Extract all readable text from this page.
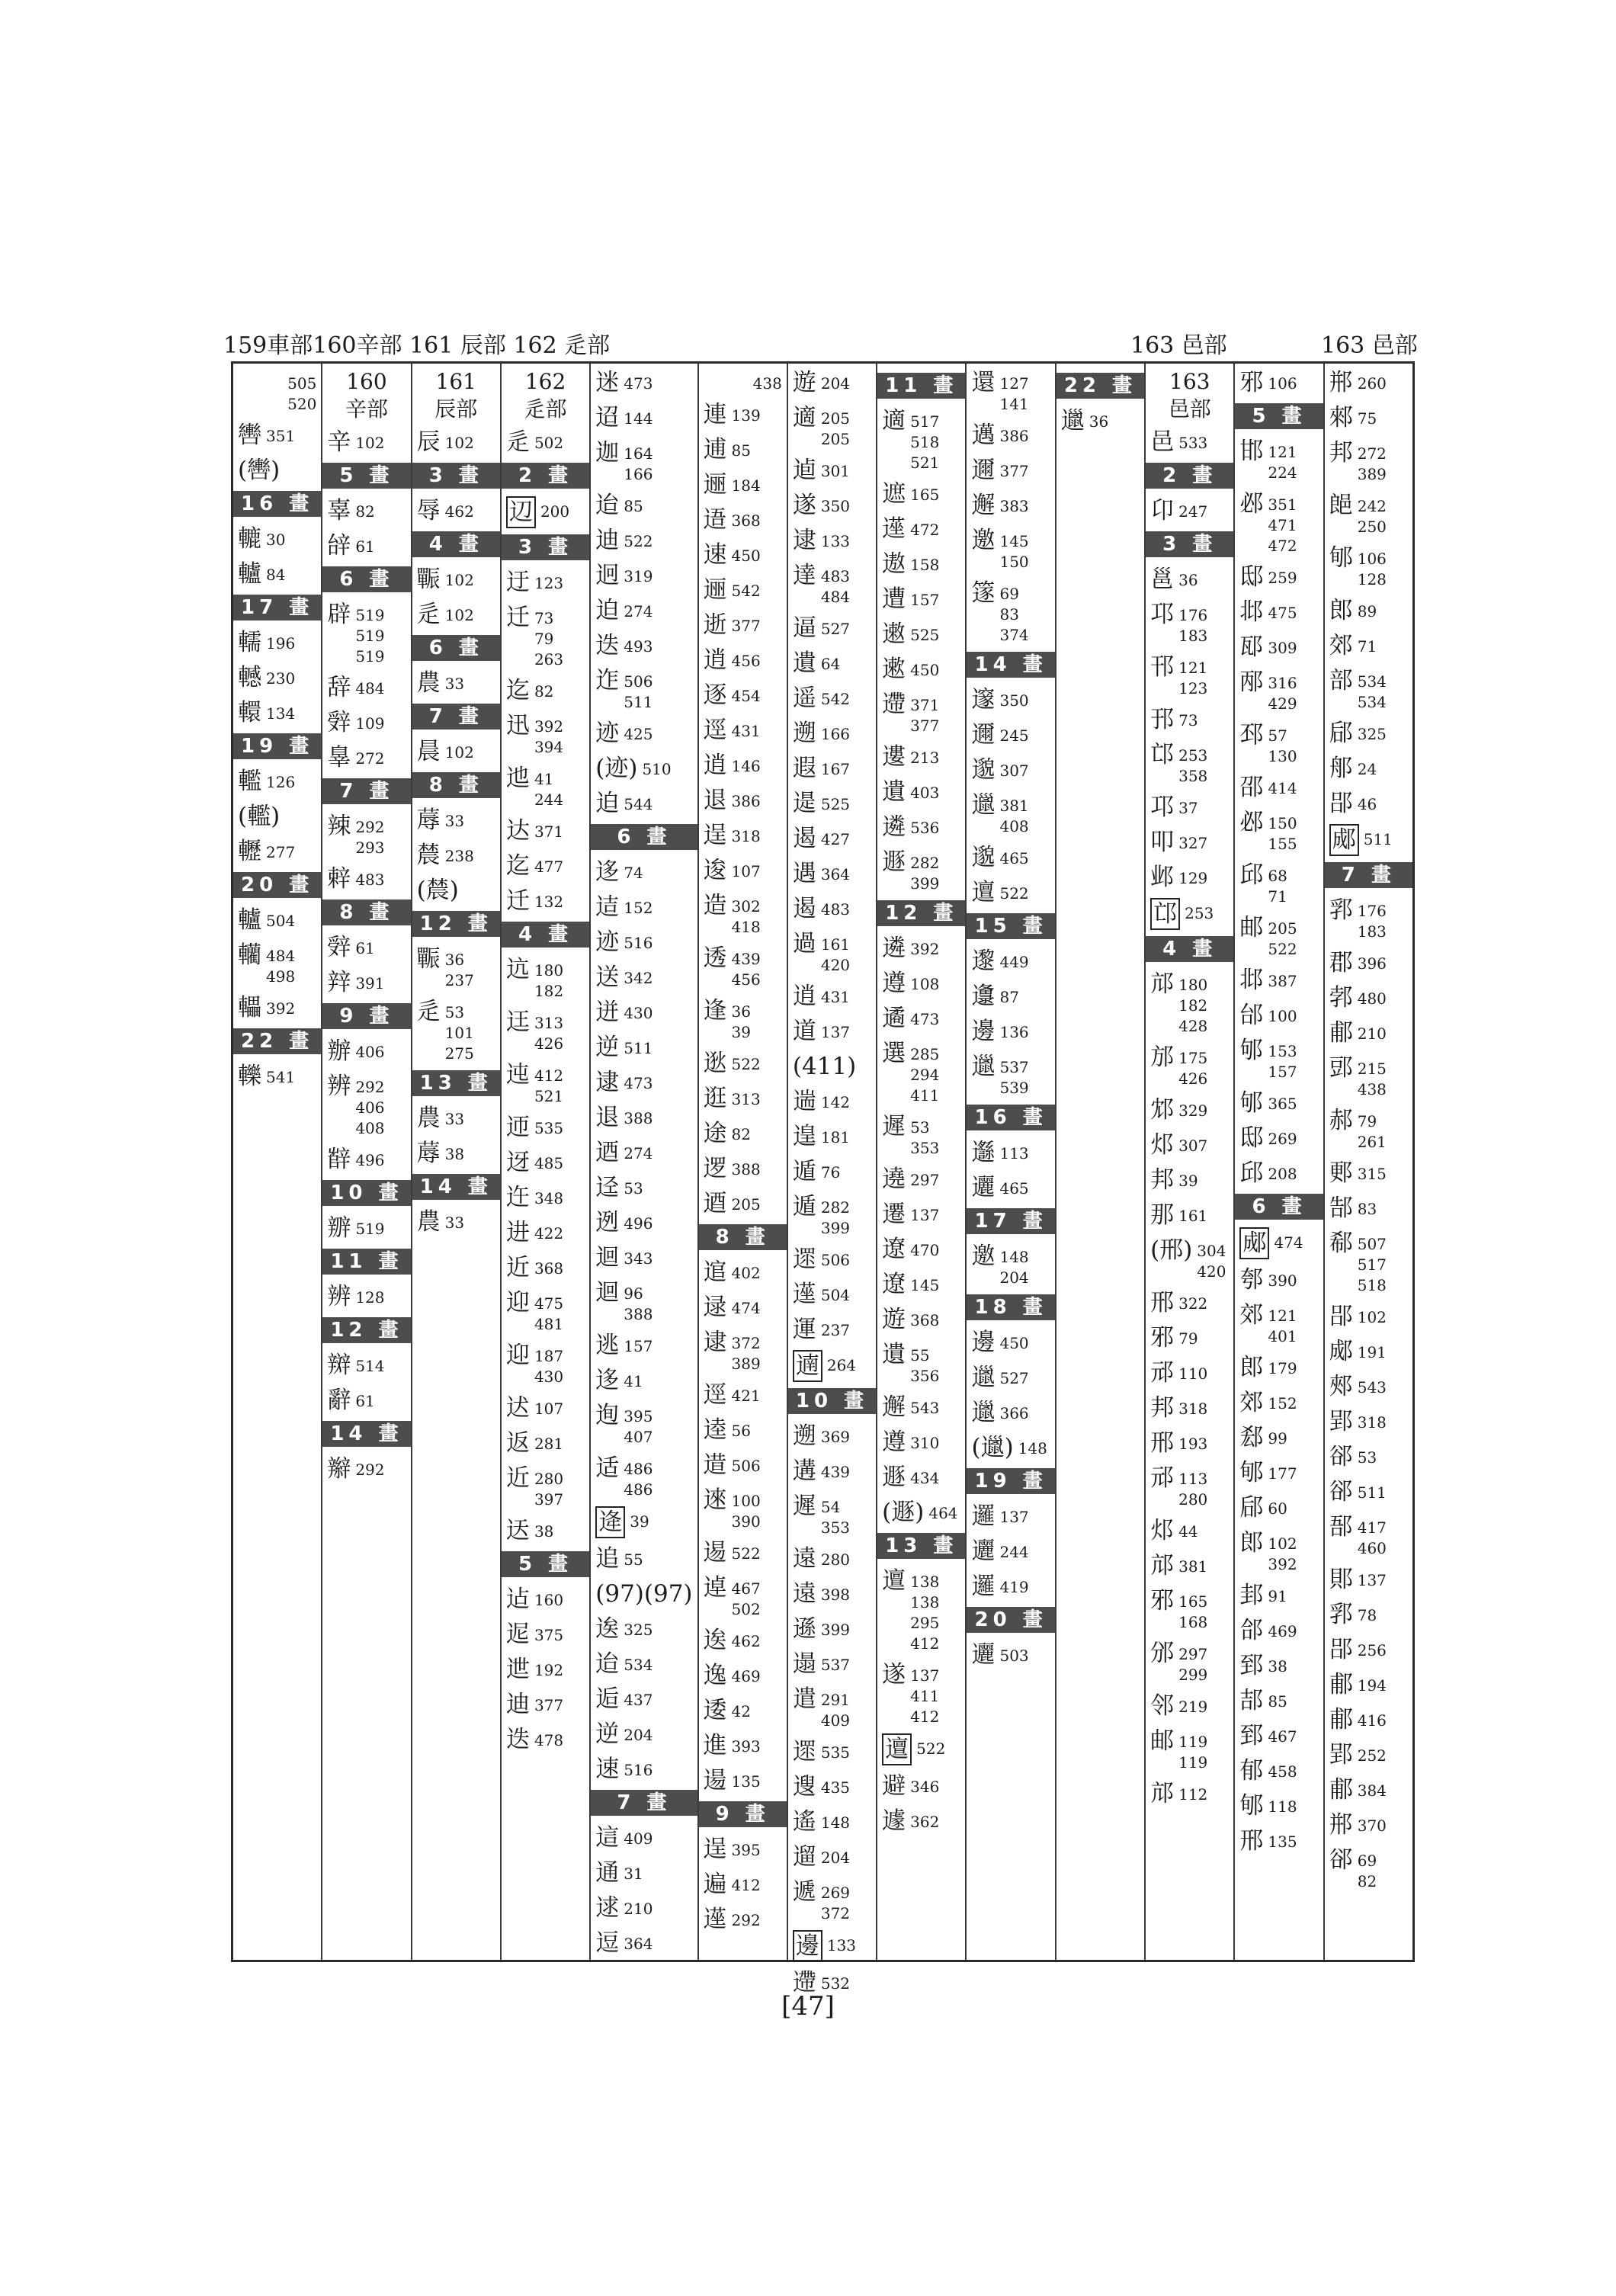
159車部160辛部 161 辰部 162 辵部	163 邑部	163 邑部
505
520
轡 351
(轡)
16 畫
轆 30
轤 84
17 畫
轜 196
轗 230
轘 134
19 畫
轞 126
(轞)
轣 277
20 畫
轤 504
轥 484
498
轠 392
22 畫
轢 541
160
辛部
辛 102
5 畫
辜 82
辝 61
6 畫
辟 519
519
519
辞 484
辤 109
辠 272
7 畫
辣 292
293
辢 483
8 畫
辤 61
辡 391
9 畫
辦 406
辨 292
406
408
辥 496
10 畫
辧 519
11 畫
辨 128
12 畫
辬 514
辭 61
14 畫
辮 292
161
辰部
辰 102
3 畫
辱 462
4 畫
辴 102
辵 102
6 畫
農 33
7 畫
晨 102
8 畫
蓐 33
辳 238
(辳)
12 畫
辴 36
237
辵 53
101
275
13 畫
農 33
蓐 38
14 畫
農 33
162
辵部
辵 502
2 畫
辺 200
3 畫
迂 123
迁 73
79
263
迄 82
迅 392
394
迆 41
244
达 371
迄 477
迁 132
4 畫
迒 180
182
迋 313
426
迍 412
521
迊 535
迓 485
迕 348
进 422
近 368
迎 475
481
迎 187
430
迖 107
返 281
近 280
397
迗 38
5 畫
迠 160
迡 375
迣 192
迪 377
迭 478
迷 473
迢 144
迦 164
166
迨 85
迪 522
迥 319
迫 274
迭 493
迮 506
511
迹 425
(迹) 510
迫 544
6 畫
迻 74
迼 152
迹 516
送 342
迸 430
逆 511
逮 473
退 388
迺 274
迳 53
迾 496
迴 343
迴 96
388
逃 157
迻 41
迿 395
407
适 486
486
逄 39
追 55
(97)(97)
逘 325
迨 534
逅 437
逆 204
速 516
7 畫
這 409
通 31
逑 210
逗 364
438
連 139
逋 85
逦 184
逜 368
速 450
逦 542
逝 377
逍 456
逐 454
逕 431
逍 146
退 386
逞 318
逡 107
造 302
418
透 439
456
逢 36
39
逖 522
逛 313
途 82
逻 388
逎 205
8 畫
逭 402
逯 474
逮 372
389
逕 421
逵 56
逪 506
逨 100
390
逷 522
逴 467
502
逘 462
逸 469
逶 42
進 393
逿 135
9 畫
逞 395
遍 412
遳 292
遊 204
適 205
205
逌 301
遂 350
逮 133
達 483
484
逼 527
遺 64
遥 542
遡 166
遐 167
遈 525
遏 427
遇 364
遏 483
過 161
420
逍 431
道 137
(411)
遄 142
遑 181
遁 76
遁 282
399
遝 506
遳 504
運 237
遖 264
10 畫
遡 369
遘 439
遲 54
353
遠 280
遠 398
遜 399
遢 537
遣 291
409
遝 535
遚 435
遙 148
遛 204
遞 269
372
邊 133
遰 532
11 畫
適 517
518
521
遮 165
遳 472
遨 158
遭 157
遫 525
遬 450
遰 371
377
遱 213
遺 403
遴 536
遯 282
399
12 畫
遴 392
遵 108
遹 473
選 285
294
411
遲 53
353
遶 297
遷 137
遼 470
遼 145
遊 368
遺 55
356
邂 543
遵 310
遯 434
(遯) 464
13 畫
邅 138
138
295
412
遂 137
411
412
邅 522
避 346
遽 362
還 127
141
邁 386
邇 377
邂 383
邀 145
150
篴 69
83
374
14 畫
邃 350
邇 245
邈 307
邋 381
408
邈 465
邅 522
15 畫
邌 449
邍 87
邊 136
邋 537
539
16 畫
邎 113
邐 465
17 畫
邀 148
204
18 畫
邊 450
邋 527
邋 366
(邋) 148
19 畫
邏 137
邐 244
邏 419
20 畫
邐 503
22 畫
邋 36
163
邑部
邑 533
2 畫
卬 247
3 畫
邕 36
邛 176
183
邗 121
123
邘 73
邙 253
358
邛 37
叩 327
邺 129
邙 253
4 畫
邟 180
182
428
邡 175
426
邥 329
邩 307
邦 39
那 161
(邢) 304
420
邢 322
邪 79
邧 110
邦 318
邢 193
邧 113
280
邩 44
邟 381
邪 165
168
邠 297
299
邻 219
邮 119
119
邟 112
邪 106
5 畫
邯 121
224
邲 351
471
472
邸 259
邶 475
邷 309
邴 316
429
邳 57
130
邵 414
邲 150
155
邱 68
71
邮 205
522
邶 387
邰 100
邭 153
157
邭 365
邸 269
邱 208
6 畫
郕 474
郀 390
郊 121
401
郎 179
郊 152
郄 99
郇 177
郈 60
郎 102
392
邽 91
郃 469
郅 38
郆 85
郅 467
郁 458
郇 118
邢 135
郱 260
郲 75
邦 272
389
郒 242
250
郇 106
128
郎 89
郊 71
部 534
534
郈 325
郍 24
郘 46
郕 511
7 畫
郛 176
183
郡 396
郣 480
郙 210
郖 215
438
郝 79
261
郠 315
郜 83
郗 507
517
518
郘 102
郕 191
郟 543
郢 318
郤 53
郤 511
郚 417
460
郥 137
郛 78
郘 256
郙 194
郙 416
郢 252
郙 384
郱 370
郤 69
82
[47]
